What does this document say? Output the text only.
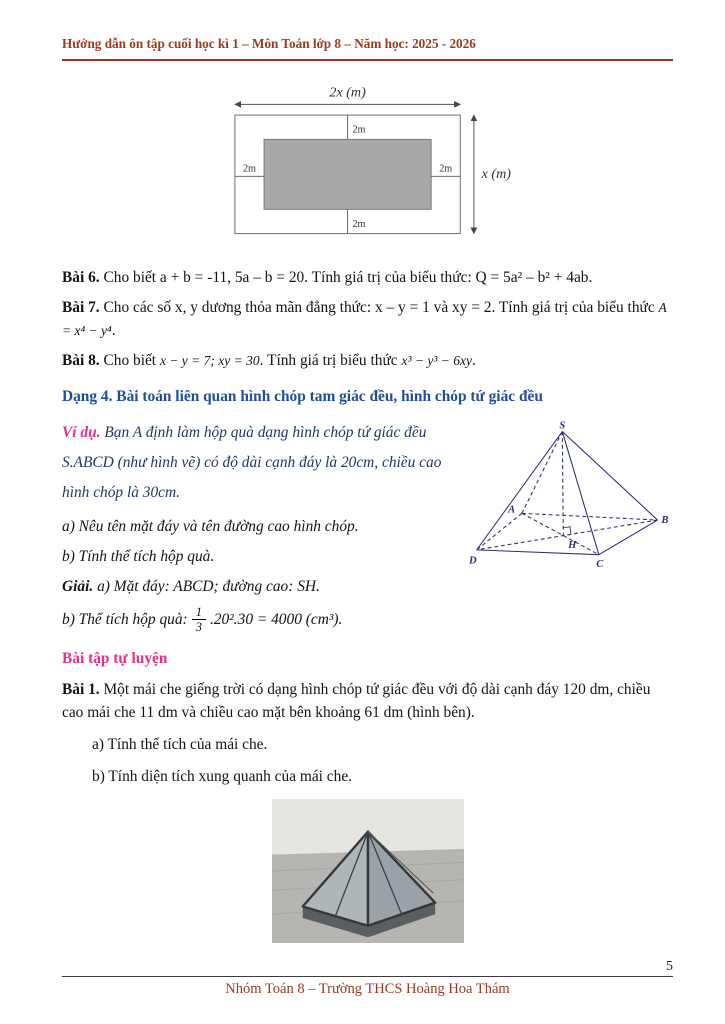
Hướng dẫn ôn tập cuối học kì 1 – Môn Toán lớp 8 – Năm học: 2025 - 2026
2x (m)
x (m)
2m
2m
2m	2m

Bài 6. Cho biết a + b = -11, 5a – b = 20. Tính giá trị của biểu thức: Q = 5a² – b² + 4ab.

Bài 7. Cho các số x, y dương thỏa mãn đẳng thức: x – y = 1 và xy = 2. Tính giá trị của biểu thức A = x⁴ − y⁴.

Bài 8. Cho biết x − y = 7; xy = 30. Tính giá trị biểu thức x³ − y³ − 6xy.

Dạng 4. Bài toán liên quan hình chóp tam giác đều, hình chóp tứ giác đều

S
A
B
C
D
H

Ví dụ. Bạn A định làm hộp quà dạng hình chóp tứ giác đều S.ABCD (như hình vẽ) có độ dài cạnh đáy là 20cm, chiều cao hình chóp là 30cm.

a) Nêu tên mặt đáy và tên đường cao hình chóp.

b) Tính thể tích hộp quà.

Giải. a) Mặt đáy: ABCD; đường cao: SH.

b) Thể tích hộp quà: $\frac{1}{3} .20^2.30 = 4000$ (cm³).

Bài tập tự luyện

Bài 1. Một mái che giếng trời có dạng hình chóp tứ giác đều với độ dài cạnh đáy 120 dm, chiều cao mái che 11 dm và chiều cao mặt bên khoảng 61 dm (hình bên).

a) Tính thể tích của mái che.

b) Tính diện tích xung quanh của mái che.

5
Nhóm Toán 8 – Trường THCS Hoàng Hoa Thám
